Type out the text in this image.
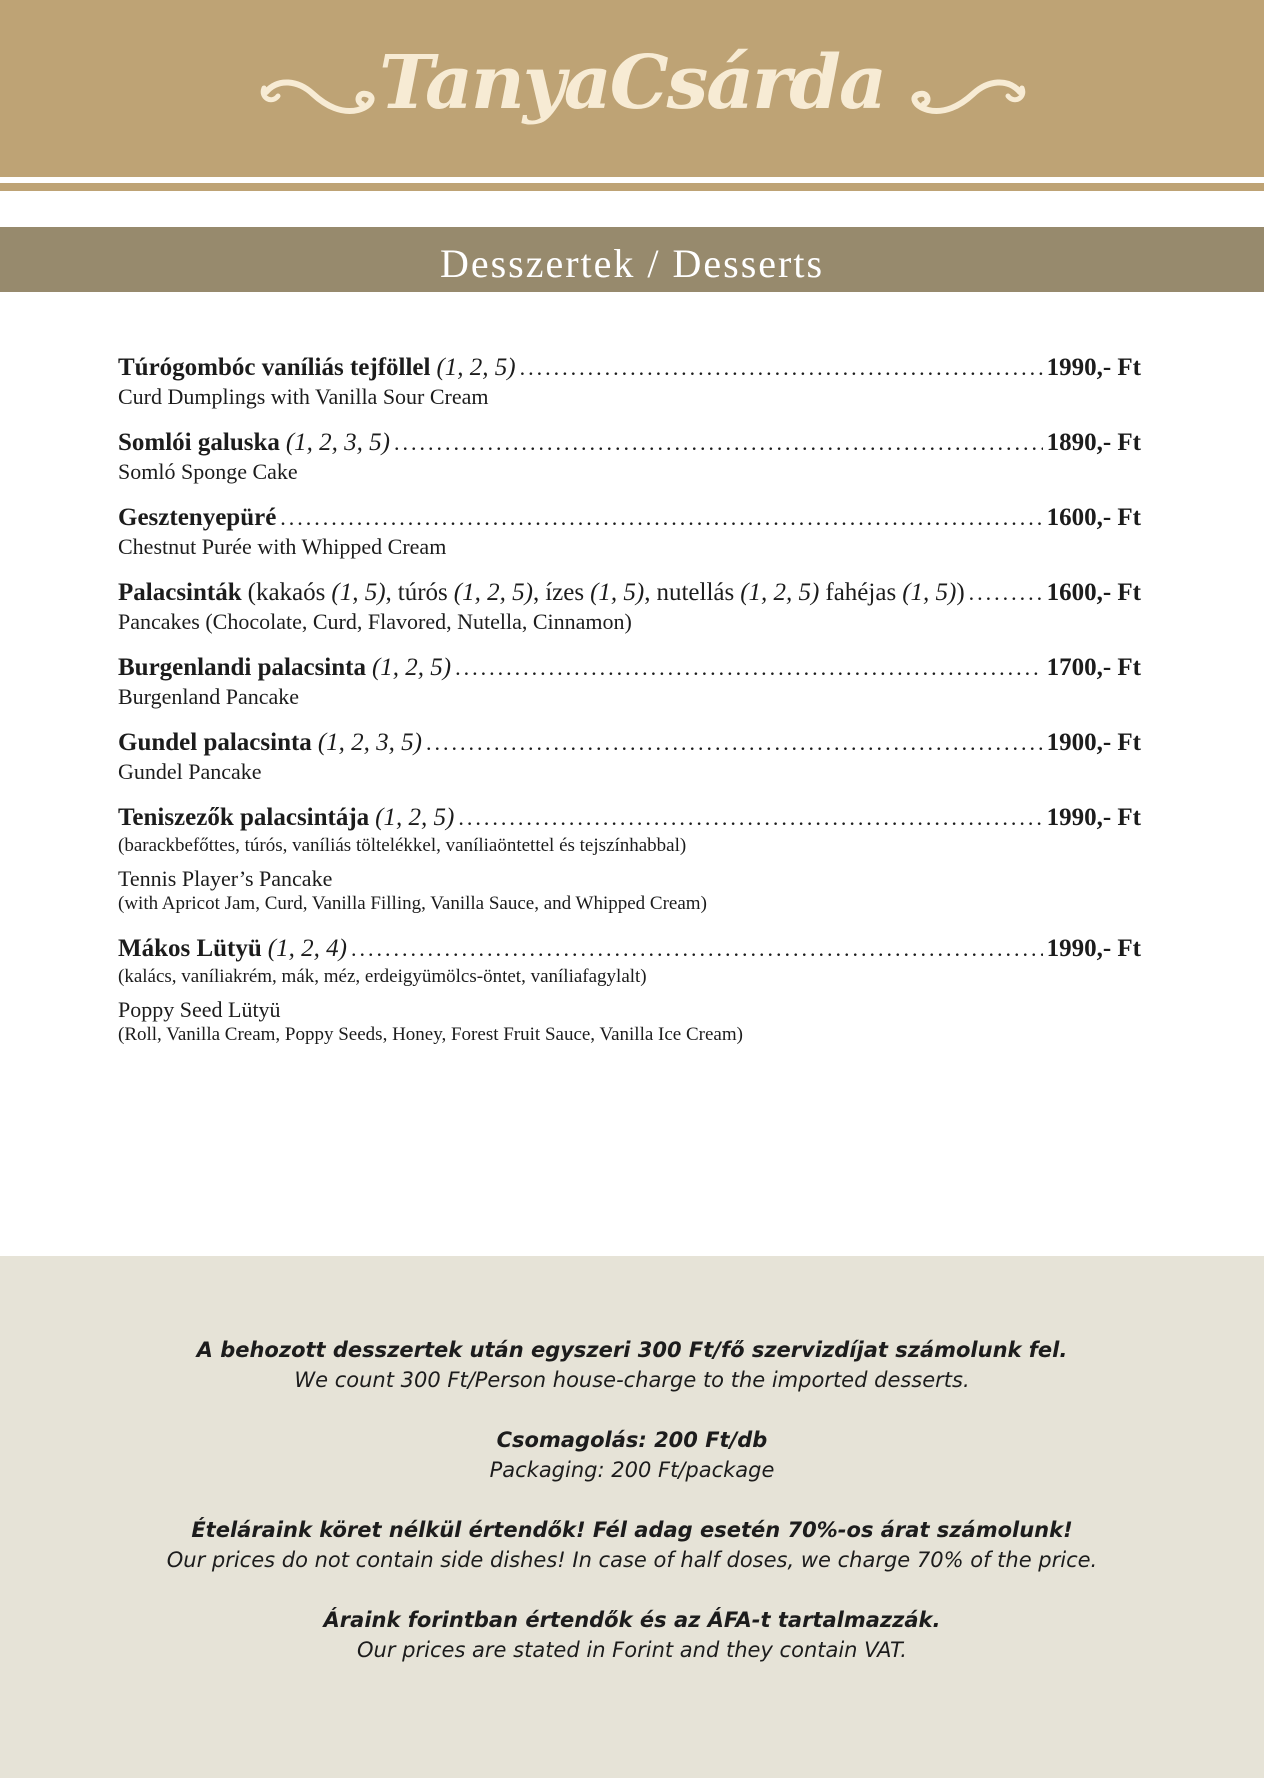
TanyaCsárda
Desszertek / Desserts
Túrógombóc vaníliás tejföllel (1, 2, 5) .....	1990,- Ft
Curd Dumplings with Vanilla Sour Cream
Somlói galuska (1, 2, 3, 5) .....	1890,- Ft
Somló Sponge Cake
Gesztenyepüré .....	1600,- Ft
Chestnut Purée with Whipped Cream
Palacsinták (kakaós (1, 5) , túrós (1, 2, 5) , ízes (1, 5) , nutellás (1, 2, 5) fahéjas (1, 5) ) .....	1600,- Ft
Pancakes (Chocolate, Curd, Flavored, Nutella, Cinnamon)
Burgenlandi palacsinta (1, 2, 5) .....	1700,- Ft
Burgenland Pancake
Gundel palacsinta (1, 2, 3, 5) .....	1900,- Ft
Gundel Pancake
Teniszezők palacsintája (1, 2, 5) .....	1990,- Ft
(barackbefőttes, túrós, vaníliás töltelékkel, vaníliaöntettel és tejszínhabbal)
Tennis Player’s Pancake
(with Apricot Jam, Curd, Vanilla Filling, Vanilla Sauce, and Whipped Cream)
Mákos Lütyü (1, 2, 4) .....	1990,- Ft
(kalács, vaníliakrém, mák, méz, erdeigyümölcs-öntet, vaníliafagylalt)
Poppy Seed Lütyü
(Roll, Vanilla Cream, Poppy Seeds, Honey, Forest Fruit Sauce, Vanilla Ice Cream)
A behozott desszertek után egyszeri 300 Ft/fő szervizdíjat számolunk fel.
We count 300 Ft/Person house-charge to the imported desserts.
Csomagolás: 200 Ft/db
Packaging: 200 Ft/package
Ételáraink köret nélkül értendők! Fél adag esetén 70%-os árat számolunk!
Our prices do not contain side dishes! In case of half doses, we charge 70% of the price.
Áraink forintban értendők és az ÁFA-t tartalmazzák.
Our prices are stated in Forint and they contain VAT.
